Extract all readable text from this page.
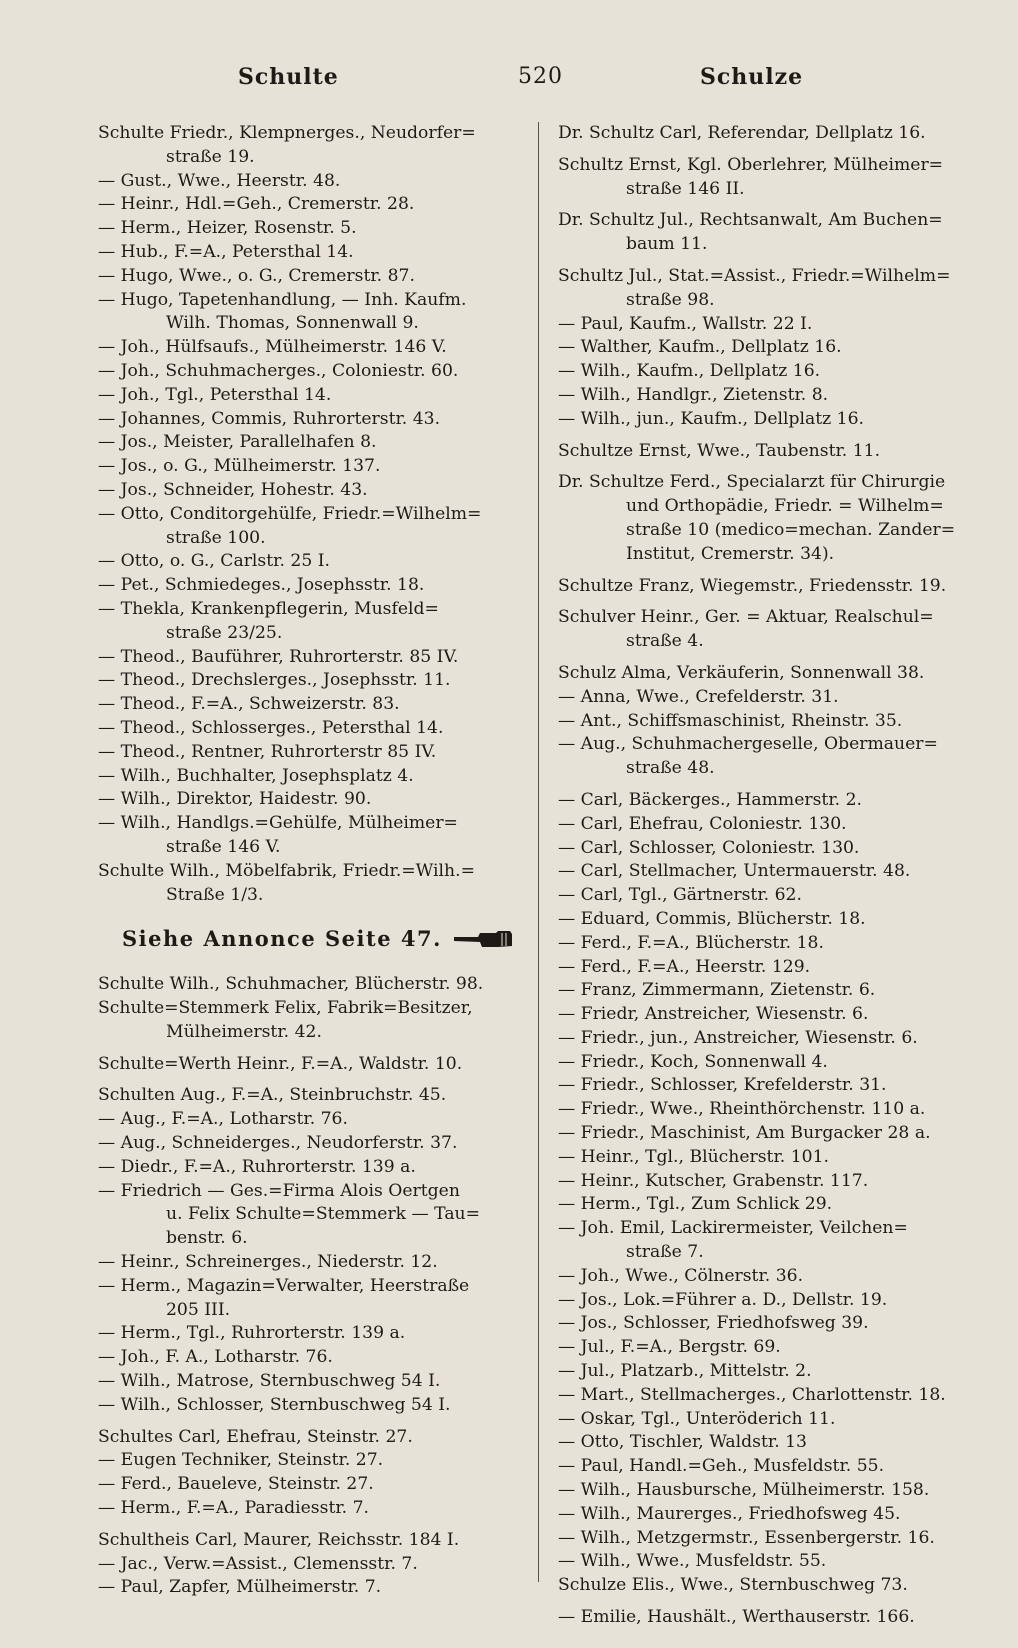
Schulte	520	Schulze
Schulte Friedr., Klempnerges., Neudorfer=
straße 19.
— Gust., Wwe., Heerstr. 48.
— Heinr., Hdl.=Geh., Cremerstr. 28.
— Herm., Heizer, Rosenstr. 5.
— Hub., F.=A., Petersthal 14.
— Hugo, Wwe., o. G., Cremerstr. 87.
— Hugo, Tapetenhandlung, — Inh. Kaufm.
Wilh. Thomas, Sonnenwall 9.
— Joh., Hülfsaufs., Mülheimerstr. 146 V.
— Joh., Schuhmacherges., Coloniestr. 60.
— Joh., Tgl., Petersthal 14.
— Johannes, Commis, Ruhrorterstr. 43.
— Jos., Meister, Parallelhafen 8.
— Jos., o. G., Mülheimerstr. 137.
— Jos., Schneider, Hohestr. 43.
— Otto, Conditorgehülfe, Friedr.=Wilhelm=
straße 100.
— Otto, o. G., Carlstr. 25 I.
— Pet., Schmiedeges., Josephsstr. 18.
— Thekla, Krankenpflegerin, Musfeld=
straße 23/25.
— Theod., Bauführer, Ruhrorterstr. 85 IV.
— Theod., Drechslerges., Josephsstr. 11.
— Theod., F.=A., Schweizerstr. 83.
— Theod., Schlosserges., Petersthal 14.
— Theod., Rentner, Ruhrorterstr 85 IV.
— Wilh., Buchhalter, Josephsplatz 4.
— Wilh., Direktor, Haidestr. 90.
— Wilh., Handlgs.=Gehülfe, Mülheimer=
straße 146 V.
Schulte Wilh., Möbelfabrik, Friedr.=Wilh.=
Straße 1/3.
Siehe Annonce Seite 47.
Schulte Wilh., Schuhmacher, Blücherstr. 98.
Schulte=Stemmerk Felix, Fabrik=Besitzer,
Mülheimerstr. 42.
Schulte=Werth Heinr., F.=A., Waldstr. 10.
Schulten Aug., F.=A., Steinbruchstr. 45.
— Aug., F.=A., Lotharstr. 76.
— Aug., Schneiderges., Neudorferstr. 37.
— Diedr., F.=A., Ruhrorterstr. 139 a.
— Friedrich — Ges.=Firma Alois Oertgen
u. Felix Schulte=Stemmerk — Tau=
benstr. 6.
— Heinr., Schreinerges., Niederstr. 12.
— Herm., Magazin=Verwalter, Heerstraße
205 III.
— Herm., Tgl., Ruhrorterstr. 139 a.
— Joh., F. A., Lotharstr. 76.
— Wilh., Matrose, Sternbuschweg 54 I.
— Wilh., Schlosser, Sternbuschweg 54 I.
Schultes Carl, Ehefrau, Steinstr. 27.
— Eugen Techniker, Steinstr. 27.
— Ferd., Baueleve, Steinstr. 27.
— Herm., F.=A., Paradiesstr. 7.
Schultheis Carl, Maurer, Reichsstr. 184 I.
— Jac., Verw.=Assist., Clemensstr. 7.
— Paul, Zapfer, Mülheimerstr. 7.
Dr. Schultz Carl, Referendar, Dellplatz 16.
Schultz Ernst, Kgl. Oberlehrer, Mülheimer=
straße 146 II.
Dr. Schultz Jul., Rechtsanwalt, Am Buchen=
baum 11.
Schultz Jul., Stat.=Assist., Friedr.=Wilhelm=
straße 98.
— Paul, Kaufm., Wallstr. 22 I.
— Walther, Kaufm., Dellplatz 16.
— Wilh., Kaufm., Dellplatz 16.
— Wilh., Handlgr., Zietenstr. 8.
— Wilh., jun., Kaufm., Dellplatz 16.
Schultze Ernst, Wwe., Taubenstr. 11.
Dr. Schultze Ferd., Specialarzt für Chirurgie
und Orthopädie, Friedr. = Wilhelm=
straße 10 (medico=mechan. Zander=
Institut, Cremerstr. 34).
Schultze Franz, Wiegemstr., Friedensstr. 19.
Schulver Heinr., Ger. = Aktuar, Realschul=
straße 4.
Schulz Alma, Verkäuferin, Sonnenwall 38.
— Anna, Wwe., Crefelderstr. 31.
— Ant., Schiffsmaschinist, Rheinstr. 35.
— Aug., Schuhmachergeselle, Obermauer=
straße 48.
— Carl, Bäckerges., Hammerstr. 2.
— Carl, Ehefrau, Coloniestr. 130.
— Carl, Schlosser, Coloniestr. 130.
— Carl, Stellmacher, Untermauerstr. 48.
— Carl, Tgl., Gärtnerstr. 62.
— Eduard, Commis, Blücherstr. 18.
— Ferd., F.=A., Blücherstr. 18.
— Ferd., F.=A., Heerstr. 129.
— Franz, Zimmermann, Zietenstr. 6.
— Friedr, Anstreicher, Wiesenstr. 6.
— Friedr., jun., Anstreicher, Wiesenstr. 6.
— Friedr., Koch, Sonnenwall 4.
— Friedr., Schlosser, Krefelderstr. 31.
— Friedr., Wwe., Rheinthörchenstr. 110 a.
— Friedr., Maschinist, Am Burgacker 28 a.
— Heinr., Tgl., Blücherstr. 101.
— Heinr., Kutscher, Grabenstr. 117.
— Herm., Tgl., Zum Schlick 29.
— Joh. Emil, Lackirermeister, Veilchen=
straße 7.
— Joh., Wwe., Cölnerstr. 36.
— Jos., Lok.=Führer a. D., Dellstr. 19.
— Jos., Schlosser, Friedhofsweg 39.
— Jul., F.=A., Bergstr. 69.
— Jul., Platzarb., Mittelstr. 2.
— Mart., Stellmacherges., Charlottenstr. 18.
— Oskar, Tgl., Unteröderich 11.
— Otto, Tischler, Waldstr. 13
— Paul, Handl.=Geh., Musfeldstr. 55.
— Wilh., Hausbursche, Mülheimerstr. 158.
— Wilh., Maurerges., Friedhofsweg 45.
— Wilh., Metzgermstr., Essenbergerstr. 16.
— Wilh., Wwe., Musfeldstr. 55.
Schulze Elis., Wwe., Sternbuschweg 73.
— Emilie, Haushält., Werthauserstr. 166.
